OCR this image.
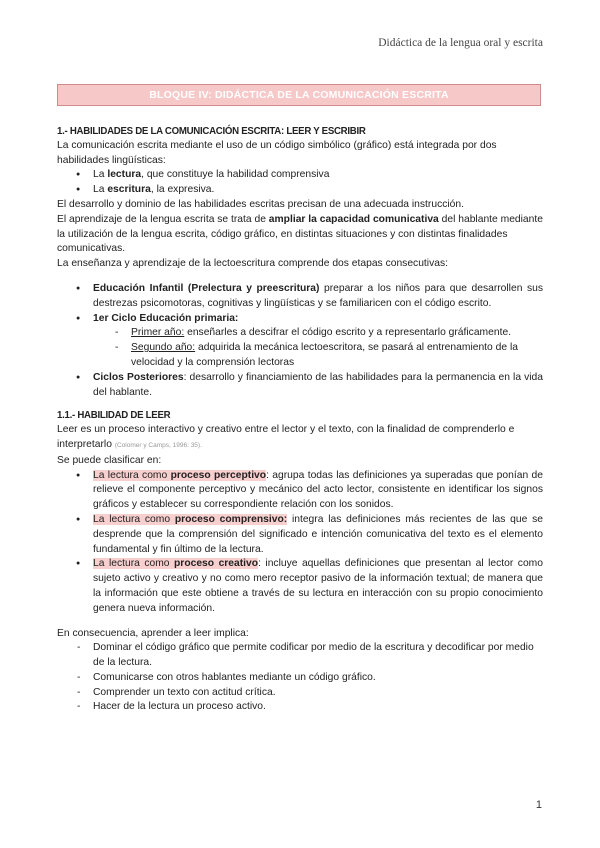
Didáctica de la lengua oral y escrita
BLOQUE IV: DIDÁCTICA DE LA COMUNICACIÓN ESCRITA

1.- HABILIDADES DE LA COMUNICACIÓN ESCRITA: LEER Y ESCRIBIR

La comunicación escrita mediante el uso de un código simbólico (gráfico) está integrada por dos habilidades lingüísticas:

● La lectura, que constituye la habilidad comprensiva

● La escritura, la expresiva.

El desarrollo y dominio de las habilidades escritas precisan de una adecuada instrucción.

El aprendizaje de la lengua escrita se trata de ampliar la capacidad comunicativa del hablante mediante la utilización de la lengua escrita, código gráfico, en distintas situaciones y con distintas finalidades comunicativas.

La enseñanza y aprendizaje de la lectoescritura comprende dos etapas consecutivas:

● Educación Infantil (Prelectura y preescritura) preparar a los niños para que desarrollen sus destrezas psicomotoras, cognitivas y lingüísticas y se familiaricen con el código escrito.

● 1er Ciclo Educación primaria:

- Primer año: enseñarles a descifrar el código escrito y a representarlo gráficamente.

- Segundo año: adquirida la mecánica lectoescritora, se pasará al entrenamiento de la velocidad y la comprensión lectoras

● Ciclos Posteriores: desarrollo y financiamiento de las habilidades para la permanencia en la vida del hablante.

1.1.- HABILIDAD DE LEER

Leer es un proceso interactivo y creativo entre el lector y el texto, con la finalidad de comprenderlo e interpretarlo (Colomer y Camps, 1996: 35).

Se puede clasificar en:

● La lectura como proceso perceptivo: agrupa todas las definiciones ya superadas que ponían de relieve el componente perceptivo y mecánico del acto lector, consistente en identificar los signos gráficos y establecer su correspondiente relación con los sonidos.

● La lectura como proceso comprensivo: integra las definiciones más recientes de las que se desprende que la comprensión del significado e intención comunicativa del texto es el elemento fundamental y fin último de la lectura.

● La lectura como proceso creativo: incluye aquellas definiciones que presentan al lector como sujeto activo y creativo y no como mero receptor pasivo de la información textual; de manera que la información que este obtiene a través de su lectura en interacción con su propio conocimiento genera nueva información.

En consecuencia, aprender a leer implica:

- Dominar el código gráfico que permite codificar por medio de la escritura y decodificar por medio de la lectura.

- Comunicarse con otros hablantes mediante un código gráfico.

- Comprender un texto con actitud crítica.

- Hacer de la lectura un proceso activo.

1
